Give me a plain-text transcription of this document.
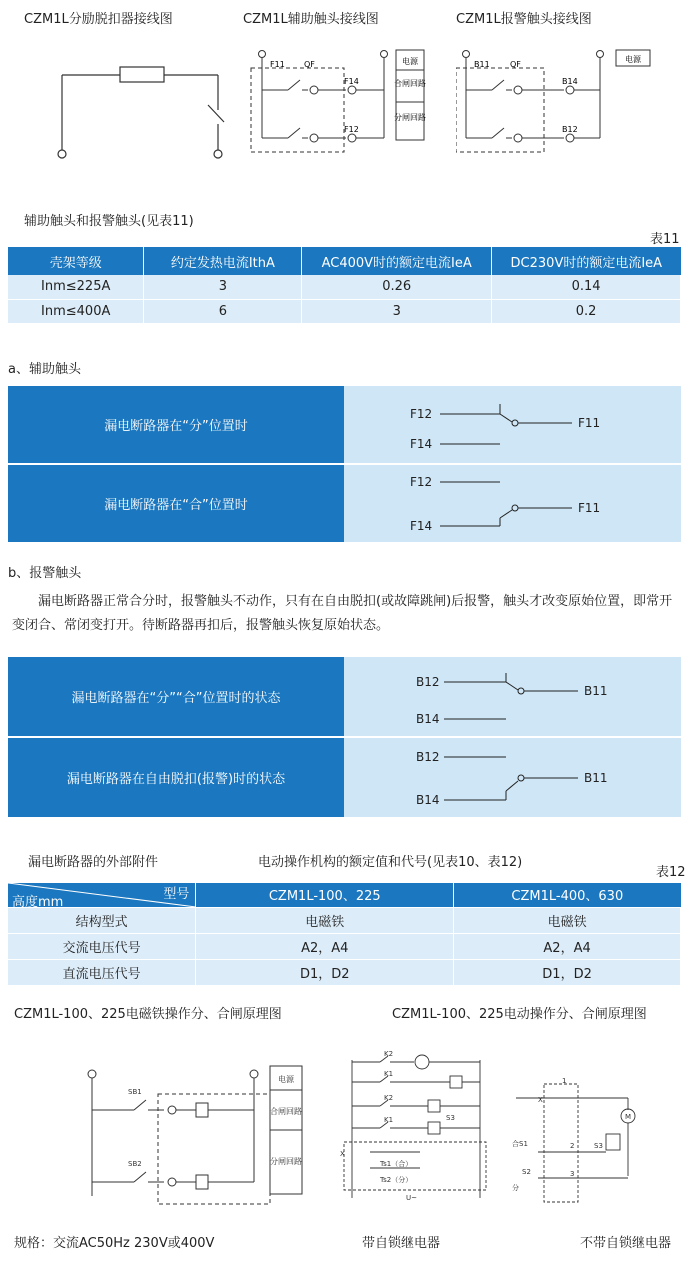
CZM1L分励脱扣器接线图	CZM1L辅助触头接线图	CZM1L报警触头接线图
F11 QF
F14
F12
电源
合闸回路
分闸回路
B11	QF
B14
B12
电源
辅助触头和报警触头(见表11)
表11
壳架等级	约定发热电流IthA	AC400V时的额定电流IeA	DC230V时的额定电流IeA
Inm≤225A	3	0.26	0.14
Inm≤400A	6	3	0.2
a、辅助触头
漏电断路器在“分”位置时
漏电断路器在“合”位置时
F12
F14
F11
F12
F14
F11
b、报警触头
漏电断路器正常合分时，报警触头不动作，只有在自由脱扣(或故障跳闸)后报警，触头才改变原始位置，即常开变闭合、常闭变打开。待断路器再扣后，报警触头恢复原始状态。
漏电断路器在“分”“合”位置时的状态
漏电断路器在自由脱扣(报警)时的状态
B12
B14
B11
B12
B14
B11
漏电断路器的外部附件	电动操作机构的额定值和代号(见表10、表12)
表12
型号
高度mm	CZM1L-100、225	CZM1L-400、630
结构型式	电磁铁	电磁铁
交流电压代号	A2，A4	A2，A4
直流电压代号	D1，D2	D1，D2
CZM1L-100、225电磁铁操作分、合闸原理图	CZM1L-100、225电动操作分、合闸原理图
SB1
SB2
电源
合闸回路
分闸回路
K2
K1
K2
K1	S3
X
Ts1（合）
Ts2（分）
U~
M
X
1
合S1	2	S3
S2	3
分
规格：交流AC50Hz 230V或400V	带自锁继电器	不带自锁继电器
